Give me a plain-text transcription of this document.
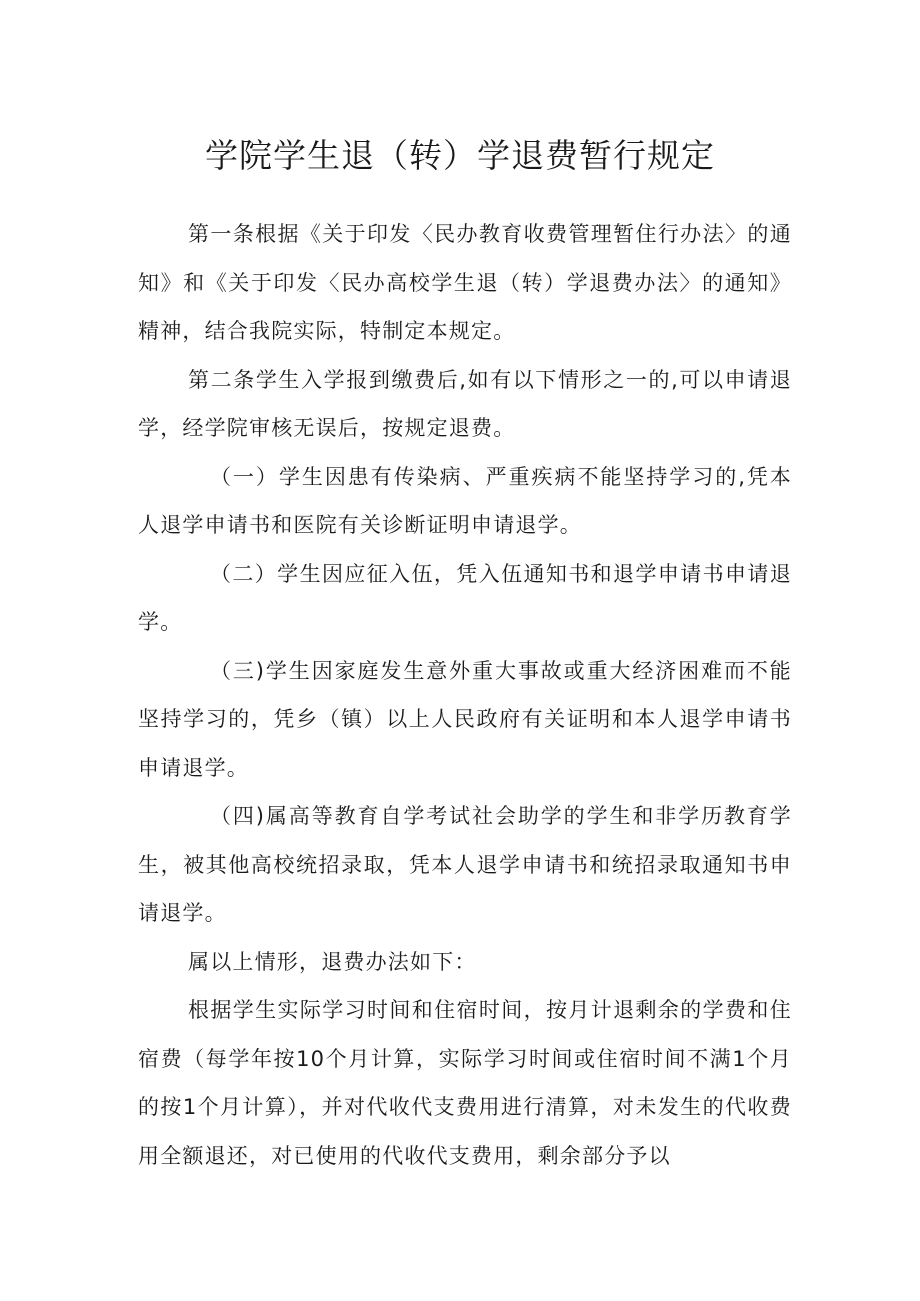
学院学生退（转）学退费暂行规定

第一条根据《关于印发〈民办教育收费管理暂住行办法〉的通知》和《关于印发〈民办高校学生退（转）学退费办法〉的通知》精神，结合我院实际，特制定本规定。

第二条学生入学报到缴费后,如有以下情形之一的,可以申请退学，经学院审核无误后，按规定退费。

（一）学生因患有传染病、严重疾病不能坚持学习的,凭本人退学申请书和医院有关诊断证明申请退学。

（二）学生因应征入伍，凭入伍通知书和退学申请书申请退学。

（三)学生因家庭发生意外重大事故或重大经济困难而不能坚持学习的，凭乡（镇）以上人民政府有关证明和本人退学申请书申请退学。

（四)属高等教育自学考试社会助学的学生和非学历教育学生，被其他高校统招录取，凭本人退学申请书和统招录取通知书申请退学。

属以上情形，退费办法如下：

根据学生实际学习时间和住宿时间，按月计退剩余的学费和住宿费（每学年按10个月计算，实际学习时间或住宿时间不满1个月的按1个月计算），并对代收代支费用进行清算，对未发生的代收费用全额退还，对已使用的代收代支费用，剩余部分予以
